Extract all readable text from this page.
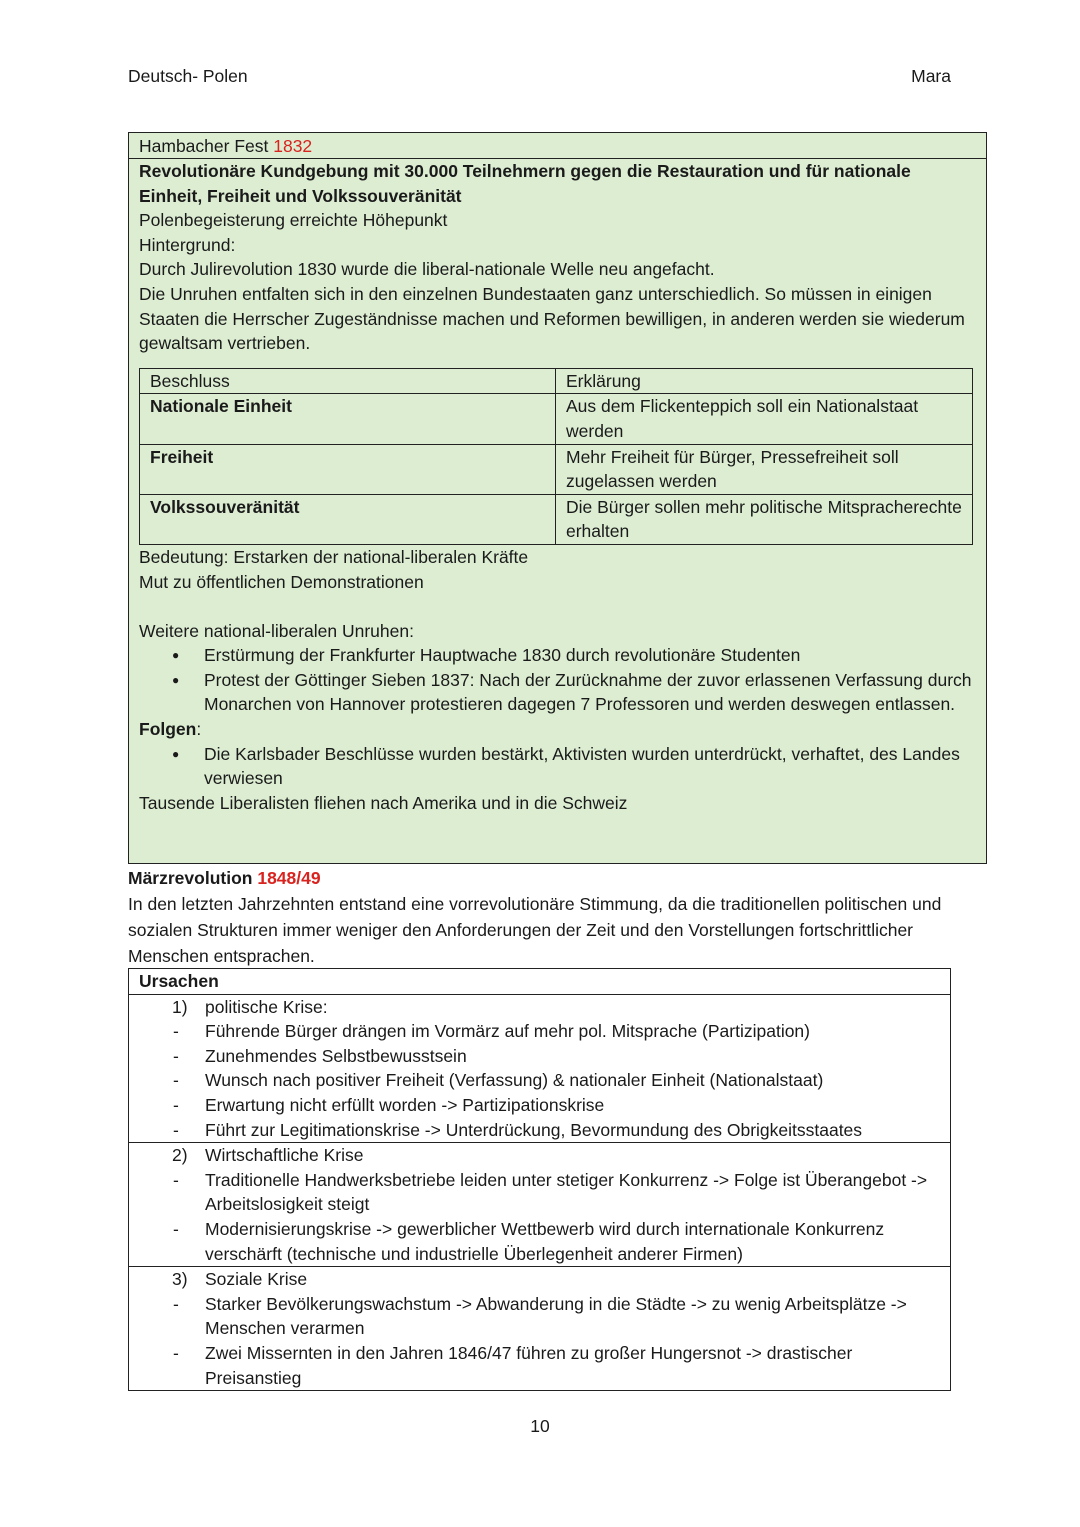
Deutsch- Polen	Mara
Hambacher Fest 1832

Revolutionäre Kundgebung mit 30.000 Teilnehmern gegen die Restauration und für nationale Einheit, Freiheit und Volkssouveränität

Polenbegeisterung erreichte Höhepunkt

Hintergrund:

Durch Julirevolution 1830 wurde die liberal-nationale Welle neu angefacht.

Die Unruhen entfalten sich in den einzelnen Bundestaaten ganz unterschiedlich. So müssen in einigen Staaten die Herrscher Zugeständnisse machen und Reformen bewilligen, in anderen werden sie wiederum gewaltsam vertrieben.

Beschluss	Erklärung
Nationale Einheit	Aus dem Flickenteppich soll ein Nationalstaat werden
Freiheit	Mehr Freiheit für Bürger, Pressefreiheit soll zugelassen werden
Volkssouveränität	Die Bürger sollen mehr politische Mitspracherechte erhalten

Bedeutung: Erstarken der national-liberalen Kräfte

Mut zu öffentlichen Demonstrationen

Weitere national-liberalen Unruhen:

● Erstürmung der Frankfurter Hauptwache 1830 durch revolutionäre Studenten
● Protest der Göttinger Sieben 1837: Nach der Zurücknahme der zuvor erlassenen Verfassung durch Monarchen von Hannover protestieren dagegen 7 Professoren und werden deswegen entlassen.

Folgen:

● Die Karlsbader Beschlüsse wurden bestärkt, Aktivisten wurden unterdrückt, verhaftet, des Landes verwiesen

Tausende Liberalisten fliehen nach Amerika und in die Schweiz

Märzrevolution 1848/49

In den letzten Jahrzehnten entstand eine vorrevolutionäre Stimmung, da die traditionellen politischen und sozialen Strukturen immer weniger den Anforderungen der Zeit und den Vorstellungen fortschrittlicher Menschen entsprachen.

Ursachen

1) politische Krise:
- Führende Bürger drängen im Vormärz auf mehr pol. Mitsprache (Partizipation)
- Zunehmendes Selbstbewusstsein
- Wunsch nach positiver Freiheit (Verfassung) & nationaler Einheit (Nationalstaat)
- Erwartung nicht erfüllt worden -> Partizipationskrise
- Führt zur Legitimationskrise -> Unterdrückung, Bevormundung des Obrigkeitsstaates

2) Wirtschaftliche Krise
- Traditionelle Handwerksbetriebe leiden unter stetiger Konkurrenz -> Folge ist Überangebot -> Arbeitslosigkeit steigt
- Modernisierungskrise -> gewerblicher Wettbewerb wird durch internationale Konkurrenz verschärft (technische und industrielle Überlegenheit anderer Firmen)

3) Soziale Krise
- Starker Bevölkerungswachstum -> Abwanderung in die Städte -> zu wenig Arbeitsplätze -> Menschen verarmen
- Zwei Missernten in den Jahren 1846/47 führen zu großer Hungersnot -> drastischer Preisanstieg
10
